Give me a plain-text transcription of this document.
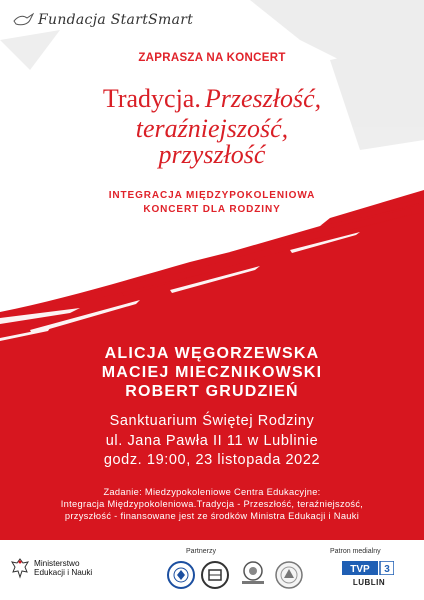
Fundacja StartSmart
ZAPRASZA NA KONCERT
Tradycja. Przeszłość,
teraźniejszość,
przyszłość
INTEGRACJA MIĘDZYPOKOLENIOWA
KONCERT DLA RODZINY
ALICJA WĘGORZEWSKA
MACIEJ MIECZNIKOWSKI
ROBERT GRUDZIEŃ
Sanktuarium Świętej Rodziny
ul. Jana Pawła II 11 w Lublinie
godz. 19:00, 23 listopada 2022
Zadanie: Miedzypokoleniowe Centra Edukacyjne:
Integracja Międzypokoleniowa.Tradycja - Przeszłość, teraźniejszość,
przyszłość - finansowane jest ze środków Ministra Edukacji i Nauki
Ministerstwo
Edukacji i Nauki
Partnerzy	Patron medialny
TVP 3
LUBLIN
